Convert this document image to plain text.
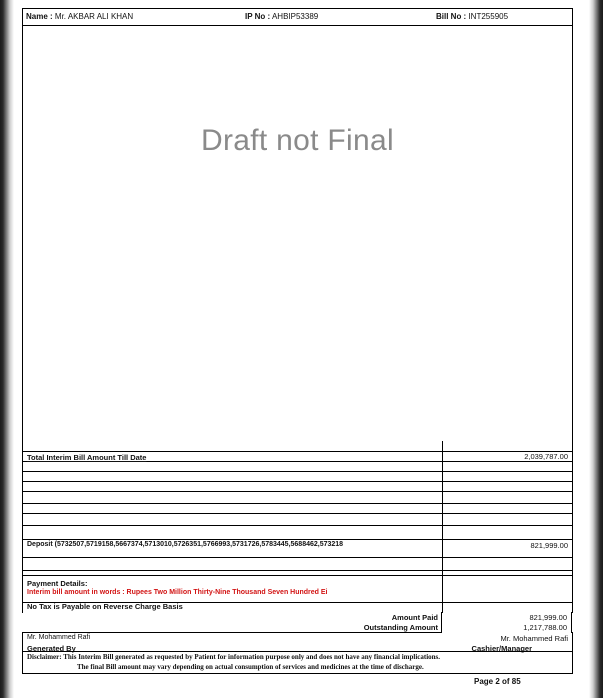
Name : Mr. AKBAR ALI KHAN	IP No : AHBIP53389	Bill No : INT255905
Draft not Final
Total Interim Bill Amount Till Date	2,039,787.00
Deposit (5732507,5719158,5667374,5713010,5726351,5766993,5731726,5783445,5688462,573218	821,999.00
Payment Details:
Interim bill amount in words : Rupees Two Million Thirty-Nine Thousand Seven Hundred Ei
No Tax is Payable on Reverse Charge Basis
Amount Paid	821,999.00
Outstanding Amount	1,217,788.00
Mr. Mohammed Rafi	Mr. Mohammed Rafi
Generated By	Cashier/Manager
Disclaimer: This Interim Bill generated as requested by Patient for information purpose only and does not have any financial implications.
The final Bill amount may vary depending on actual consumption of services and medicines at the time of discharge.
Page 2 of 85
